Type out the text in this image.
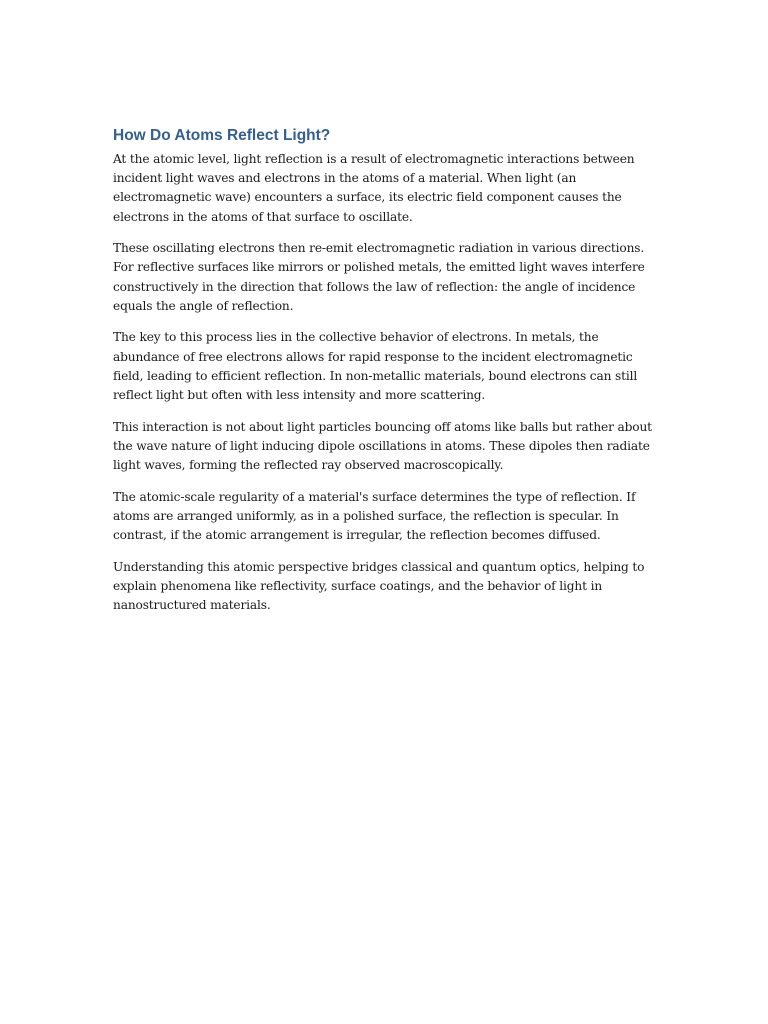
How Do Atoms Reflect Light?

At the atomic level, light reflection is a result of electromagnetic interactions between incident light waves and electrons in the atoms of a material. When light (an electromagnetic wave) encounters a surface, its electric field component causes the electrons in the atoms of that surface to oscillate.

These oscillating electrons then re-emit electromagnetic radiation in various directions. For reflective surfaces like mirrors or polished metals, the emitted light waves interfere constructively in the direction that follows the law of reflection: the angle of incidence equals the angle of reflection.

The key to this process lies in the collective behavior of electrons. In metals, the abundance of free electrons allows for rapid response to the incident electromagnetic field, leading to efficient reflection. In non-metallic materials, bound electrons can still reflect light but often with less intensity and more scattering.

This interaction is not about light particles bouncing off atoms like balls but rather about the wave nature of light inducing dipole oscillations in atoms. These dipoles then radiate light waves, forming the reflected ray observed macroscopically.

The atomic-scale regularity of a material's surface determines the type of reflection. If atoms are arranged uniformly, as in a polished surface, the reflection is specular. In contrast, if the atomic arrangement is irregular, the reflection becomes diffused.

Understanding this atomic perspective bridges classical and quantum optics, helping to explain phenomena like reflectivity, surface coatings, and the behavior of light in nanostructured materials.
